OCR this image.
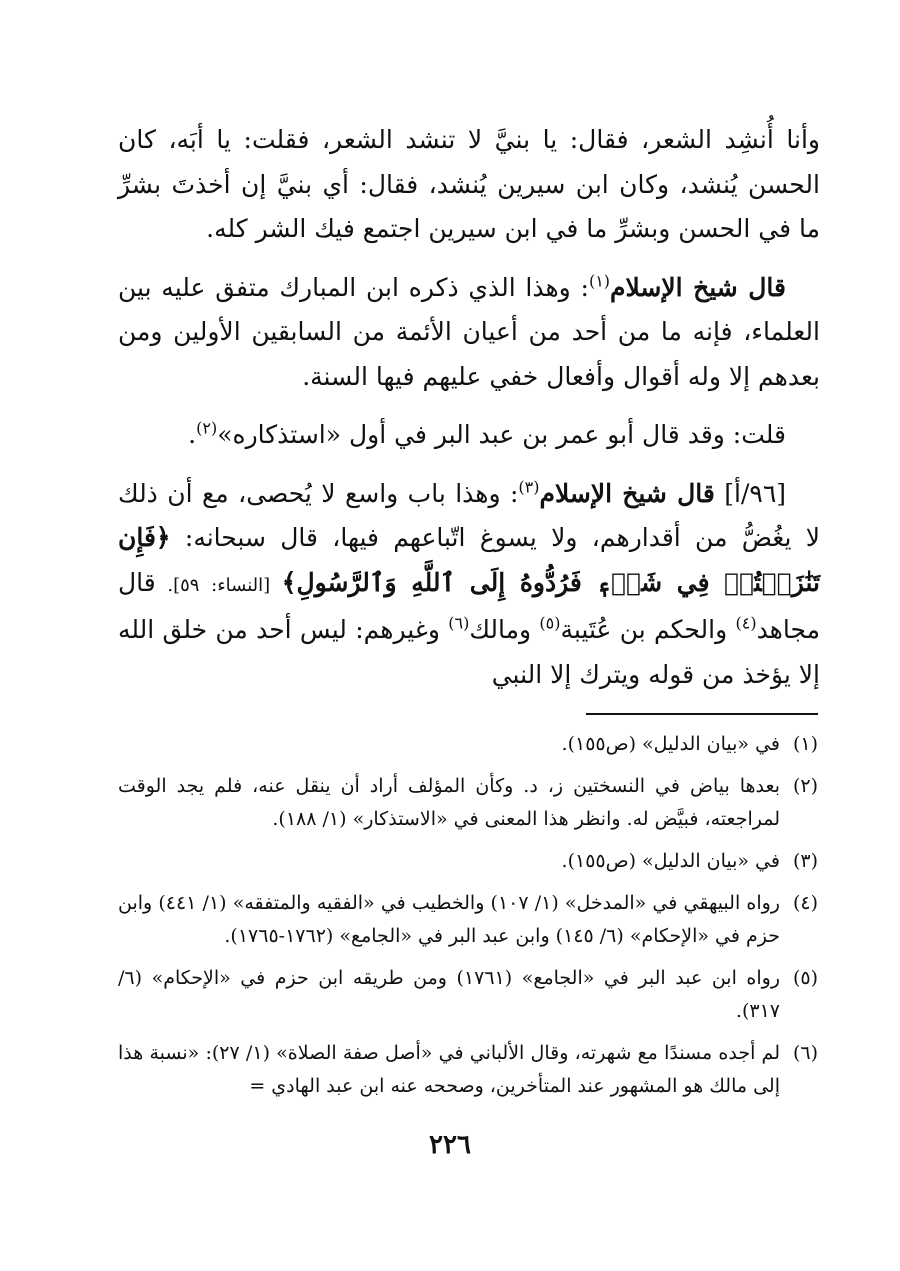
وأنا أُنشِد الشعر، فقال: يا بنيَّ لا تنشد الشعر، فقلت: يا أبَه، كان الحسن يُنشد، وكان ابن سيرين يُنشد، فقال: أي بنيَّ إن أخذتَ بشرِّ ما في الحسن وبشرِّ ما في ابن سيرين اجتمع فيك الشر كله.

قال شيخ الإسلام$^{(١)}$: وهذا الذي ذكره ابن المبارك متفق عليه بين العلماء، فإنه ما من أحد من أعيان الأئمة من السابقين الأولين ومن بعدهم إلا وله أقوال وأفعال خفي عليهم فيها السنة.

قلت: وقد قال أبو عمر بن عبد البر في أول «استذكاره»$^{(٢)}$.

[٩٦/أ] قال شيخ الإسلام$^{(٣)}$: وهذا باب واسع لا يُحصى، مع أن ذلك لا يغُضُّ من أقدارهم، ولا يسوغ اتّباعهم فيها، قال سبحانه: ﴿فَإِن تَنَٰزَعۡتُمۡ فِي شَيۡءٖ فَرُدُّوهُ إِلَى ٱللَّهِ وَٱلرَّسُولِ﴾ [النساء: ٥٩]. قال مجاهد$^{(٤)}$ والحكم بن عُتَيبة$^{(٥)}$ ومالك$^{(٦)}$ وغيرهم: ليس أحد من خلق الله إلا يؤخذ من قوله ويترك إلا النبي

(١)
في «بيان الدليل» (ص١٥٥).
(٢)
بعدها بياض في النسختين ز، د. وكأن المؤلف أراد أن ينقل عنه، فلم يجد الوقت لمراجعته، فبيَّض له. وانظر هذا المعنى في «الاستذكار» (١/ ١٨٨).
(٣)
في «بيان الدليل» (ص١٥٥).
(٤)
رواه البيهقي في «المدخل» (١/ ١٠٧) والخطيب في «الفقيه والمتفقه» (١/ ٤٤١) وابن حزم في «الإحكام» (٦/ ١٤٥) وابن عبد البر في «الجامع» (١٧٦٢-١٧٦٥).
(٥)
رواه ابن عبد البر في «الجامع» (١٧٦١) ومن طريقه ابن حزم في «الإحكام» (٦/ ٣١٧).
(٦)
لم أجده مسندًا مع شهرته، وقال الألباني في «أصل صفة الصلاة» (١/ ٢٧): «نسبة هذا إلى مالك هو المشهور عند المتأخرين، وصححه عنه ابن عبد الهادي =
٢٢٦
